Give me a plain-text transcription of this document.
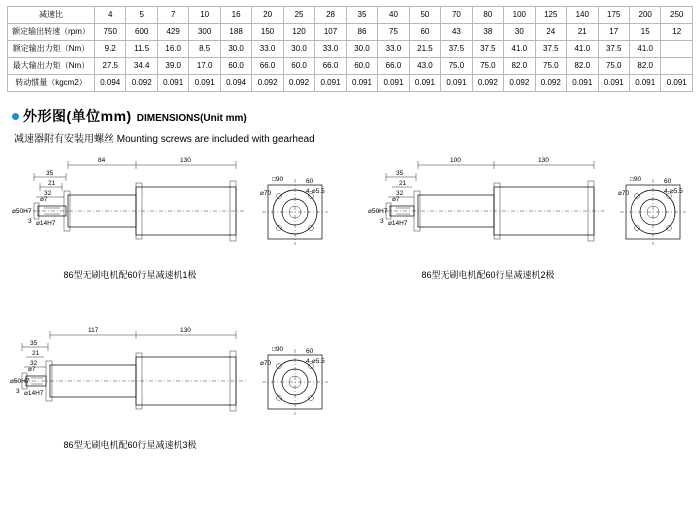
减速比	4	5	7	10	16	20	25	28	35	40	50	70	80	100	125	140	175	200	250
额定输出转速（rpm）	750	600	429	300	188	150	120	107	86	75	60	43	38	30	24	21	17	15	12
额定输出力矩（Nm）	9.2	11.5	16.0	8.5	30.0	33.0	30.0	33.0	30.0	33.0	21.5	37.5	37.5	41.0	37.5	41.0	37.5	41.0	
最大输出力矩（Nm）	27.5	34.4	39.0	17.0	60.0	66.0	60.0	66.0	60.0	66.0	43.0	75.0	75.0	82.0	75.0	82.0	75.0	82.0	
转动惯量（kgcm2）	0.094	0.092	0.091	0.091	0.094	0.092	0.092	0.091	0.091	0.091	0.091	0.091	0.092	0.092	0.092	0.091	0.091	0.091	0.091
外形图(单位mm) DIMENSIONS(Unit mm)
减速器附有安装用螺丝 Mounting screws are included with gearhead
84	130
35
21
32
⌀50H7
⌀7
⌀14H7
3
□90	60
⌀70	4-⌀5.5
86型无刷电机配60行星减速机1极
100	130
35
21
32
⌀50H7
⌀7
⌀14H7
3
□90	60
⌀70	4-⌀5.5
86型无刷电机配60行星减速机2极
117	130
35
21
32
⌀50H7
⌀7
⌀14H7
3
□90	60
⌀70	4-⌀5.5
86型无刷电机配60行星减速机3极
